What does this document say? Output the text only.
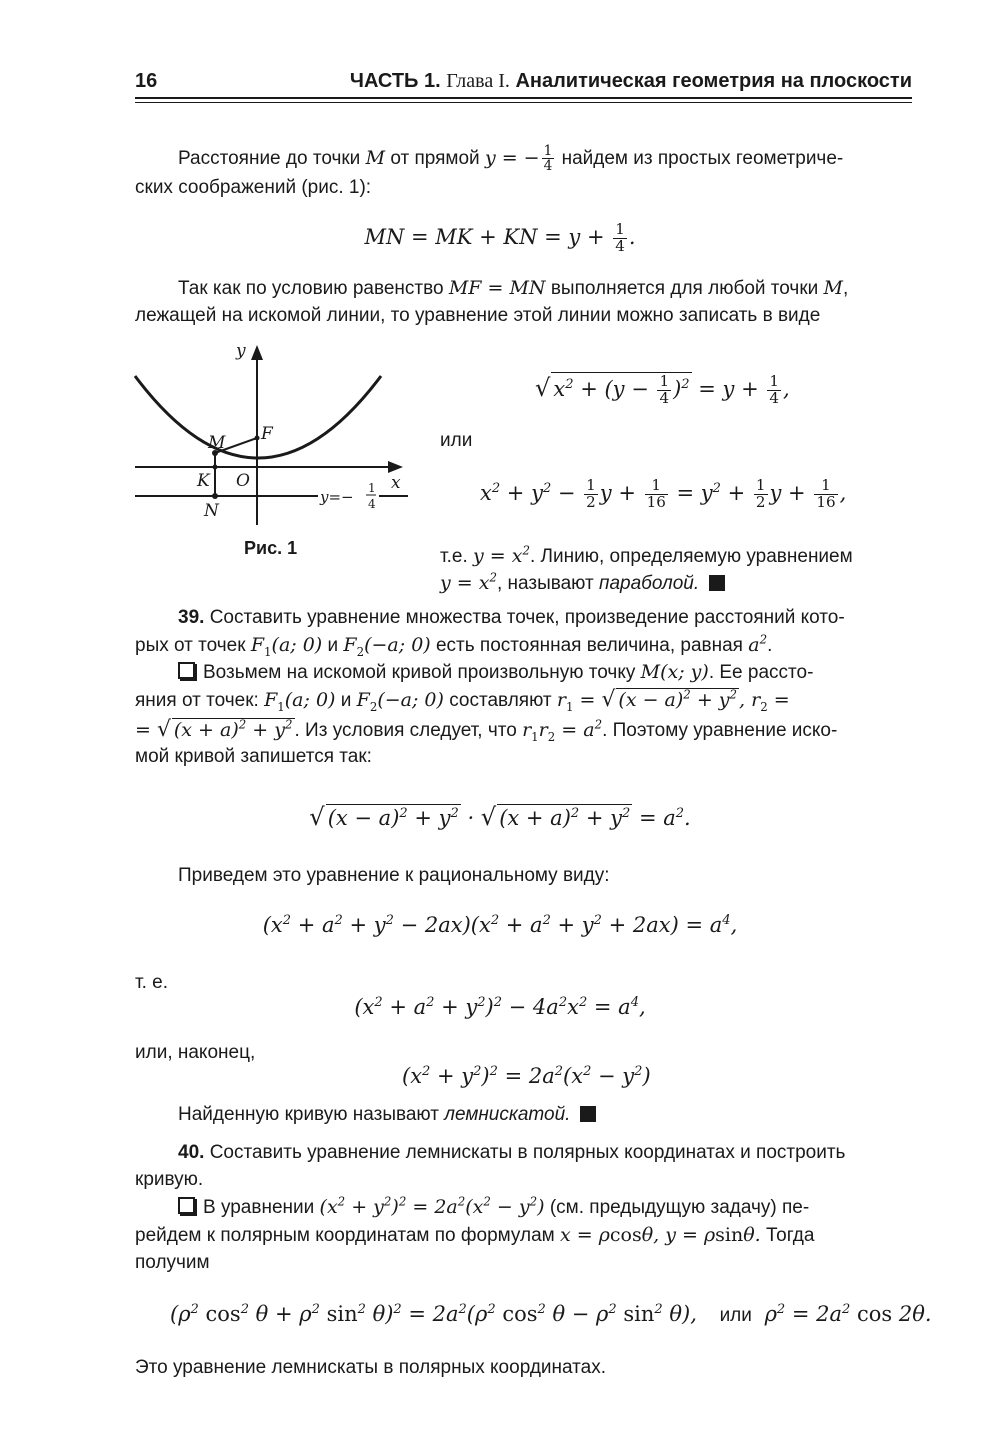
16	ЧАСТЬ 1. Глава I. Аналитическая геометрия на плоскости
Расстояние до точки M от прямой y = − $\frac{1}{4}$ найдем из простых геометриче-
ских соображений (рис. 1):
MN = MK + KN = $y + \frac{1}{4}$ .
Так как по условию равенство MF = MN выполняется для любой точки M,
лежащей на искомой линии, то уравнение этой линии можно записать в виде
y
x
M F
K O
N
y=− 1
4
Рис. 1
√ $x^2 + (y - \frac{1}{4} )^2 = y + \frac{1}{4}$ ,
или
$x^2 + y^2 - \frac{1}{2}$ $y + \frac{1}{16} = y^2 + \frac{1}{2}$ $y + \frac{1}{16}$ ,
т.е. $y = x^2$. Линию, определяемую уравнением
$y = x^2$, называют параболой.
39. Составить уравнение множества точек, произведение расстояний кото-
рых от точек $F_1(a$; 0) и $F_2(-a$; 0) есть постоянная величина, равная $a^2$.
Возьмем на искомой кривой произвольную точку M(x; y). Ее рассто-
яния от точек: $F_1(a$; 0) и $F_2(-a$; 0) составляют $r_1$ = √ $(x - a)^2 + y^2$ , $r_2$ =
= √ $(x + a)^2 + y^2$ . Из условия следует, что $r_1r_2 = a^2$. Поэтому уравнение иско-
мой кривой запишется так:
√ $(x - a)^2 + y^2$ · √ $(x + a)^2 + y^2 = a^2$.
Приведем это уравнение к рациональному виду:
$(x^2 + a^2 + y^2 - 2ax)(x^2 + a^2 + y^2 + 2ax) = a^4$,
т. е.
$(x^2 + a^2 + y^2)^2 - 4a^2x^2 = a^4$,
или, наконец,
$(x^2 + y^2)^2 = 2a^2(x^2 - y^2)$
Найденную кривую называют лемнискатой.
40. Составить уравнение лемнискаты в полярных координатах и построить
кривую.
В уравнении $(x^2 + y^2)^2 = 2a^2(x^2 - y^2)$ (см. предыдущую задачу) пе-
рейдем к полярным координатам по формулам x = ρcosθ, y = ρsinθ. Тогда
получим
($\rho^2$ $\cos^2 \theta + \rho^2$ $\sin^2 \theta)^2 = 2a^2(\rho^2$ $\cos^2 \theta - \rho^2$ $\sin^2 \theta$), или $\rho^2 = 2a^2$ cos 2θ.
Это уравнение лемнискаты в полярных координатах.
